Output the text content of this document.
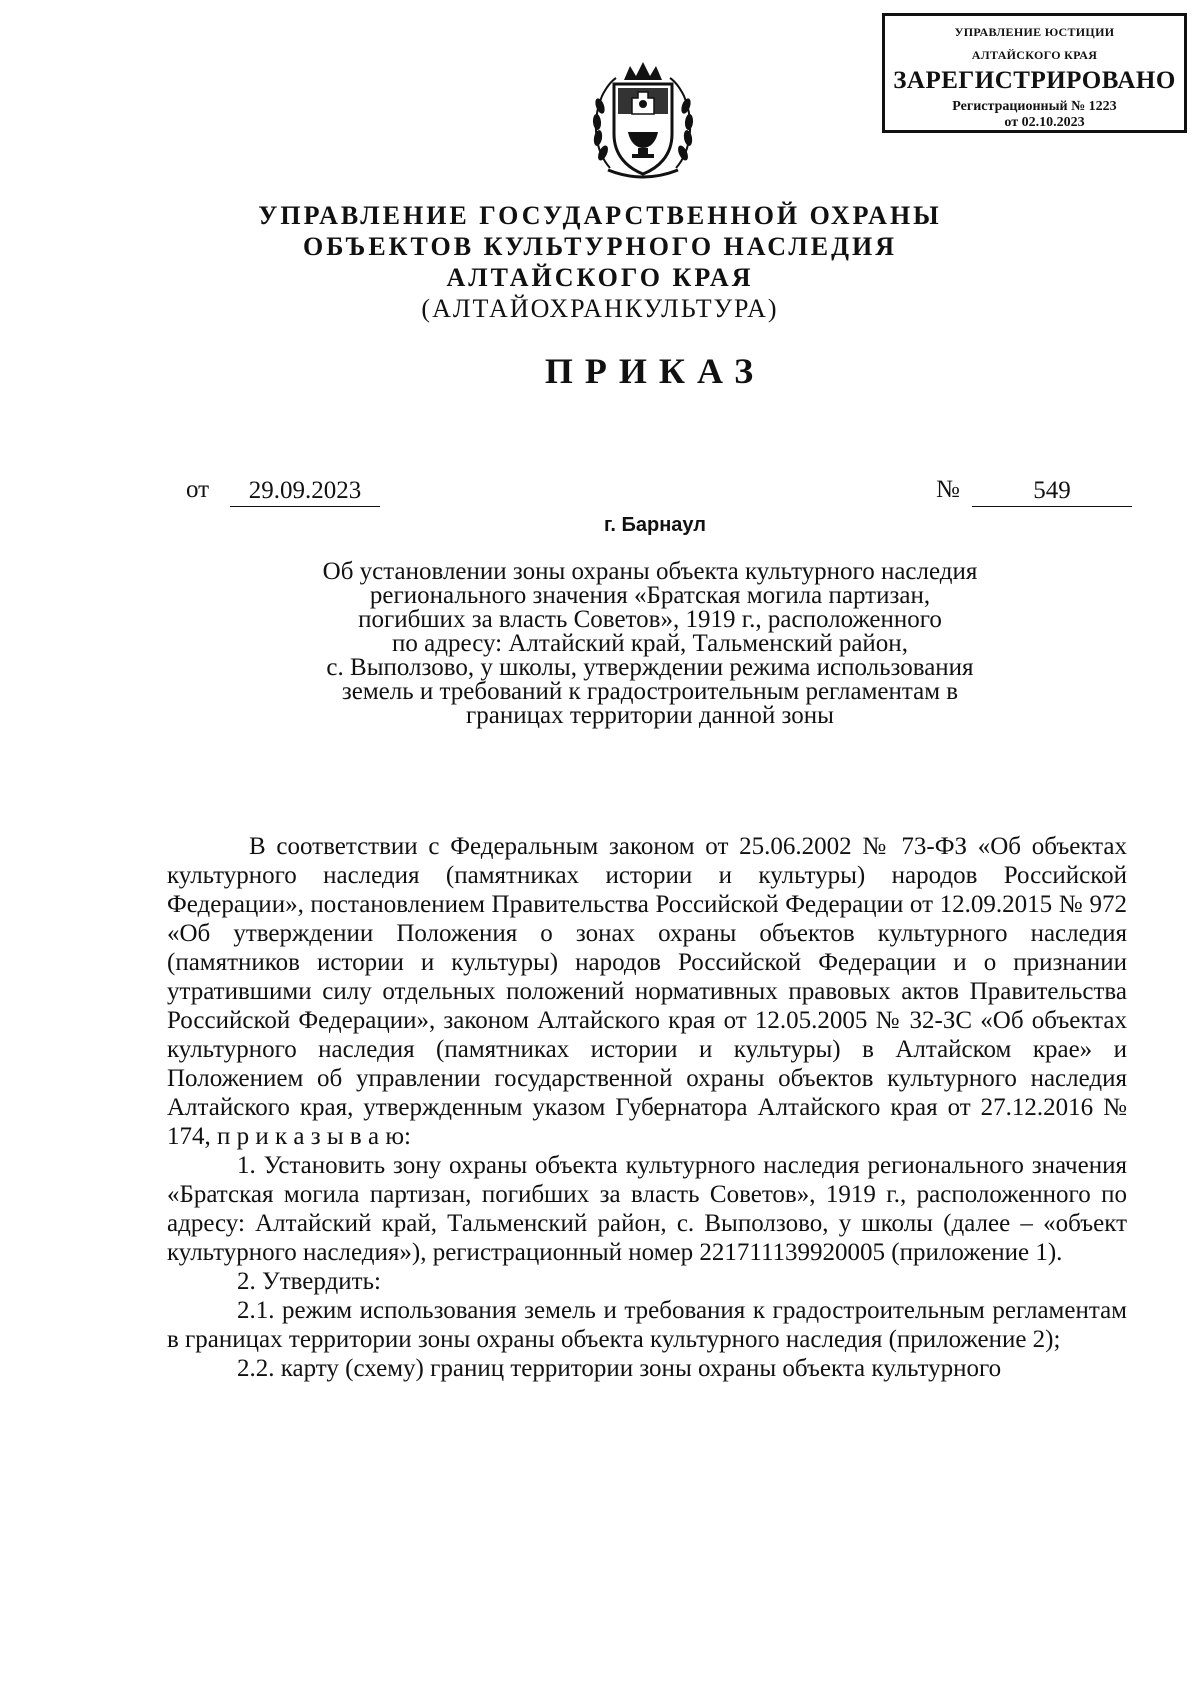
УПРАВЛЕНИЕ ЮСТИЦИИ
АЛТАЙСКОГО КРАЯ
ЗАРЕГИСТРИРОВАНО
Регистрационный № 1223
от 02.10.2023
УПРАВЛЕНИЕ ГОСУДАРСТВЕННОЙ ОХРАНЫ
ОБЪЕКТОВ КУЛЬТУРНОГО НАСЛЕДИЯ
АЛТАЙСКОГО КРАЯ
(АЛТАЙОХРАНКУЛЬТУРА)
ПРИКАЗ
от	29.09.2023	№	549
г. Барнаул
Об установлении зоны охраны объекта культурного наследия
регионального значения «Братская могила партизан,
погибших за власть Советов», 1919 г., расположенного
по адресу: Алтайский край, Тальменский район,
с. Выползово, у школы, утверждении режима использования
земель и требований к градостроительным регламентам в
границах территории данной зоны

В соответствии с Федеральным законом от 25.06.2002 № 73-ФЗ «Об объектах культурного наследия (памятниках истории и культуры) народов Российской Федерации», постановлением Правительства Российской Федерации от 12.09.2015 № 972 «Об утверждении Положения о зонах охраны объектов культурного наследия (памятников истории и культуры) народов Российской Федерации и о признании утратившими силу отдельных положений нормативных правовых актов Правительства Российской Федерации», законом Алтайского края от 12.05.2005 № 32-ЗС «Об объектах культурного наследия (памятниках истории и культуры) в Алтайском крае» и Положением об управлении государственной охраны объектов культурного наследия Алтайского края, утвержденным указом Губернатора Алтайского края от 27.12.2016 № 174, п р и к а з ы в а ю:

1. Установить зону охраны объекта культурного наследия регионального значения «Братская могила партизан, погибших за власть Советов», 1919 г., расположенного по адресу: Алтайский край, Тальменский район, с. Выползово, у школы (далее – «объект культурного наследия»), регистрационный номер 221711139920005 (приложение 1).

2. Утвердить:

2.1. режим использования земель и требования к градостроительным регламентам в границах территории зоны охраны объекта культурного наследия (приложение 2);

2.2. карту (схему) границ территории зоны охраны объекта культурного
